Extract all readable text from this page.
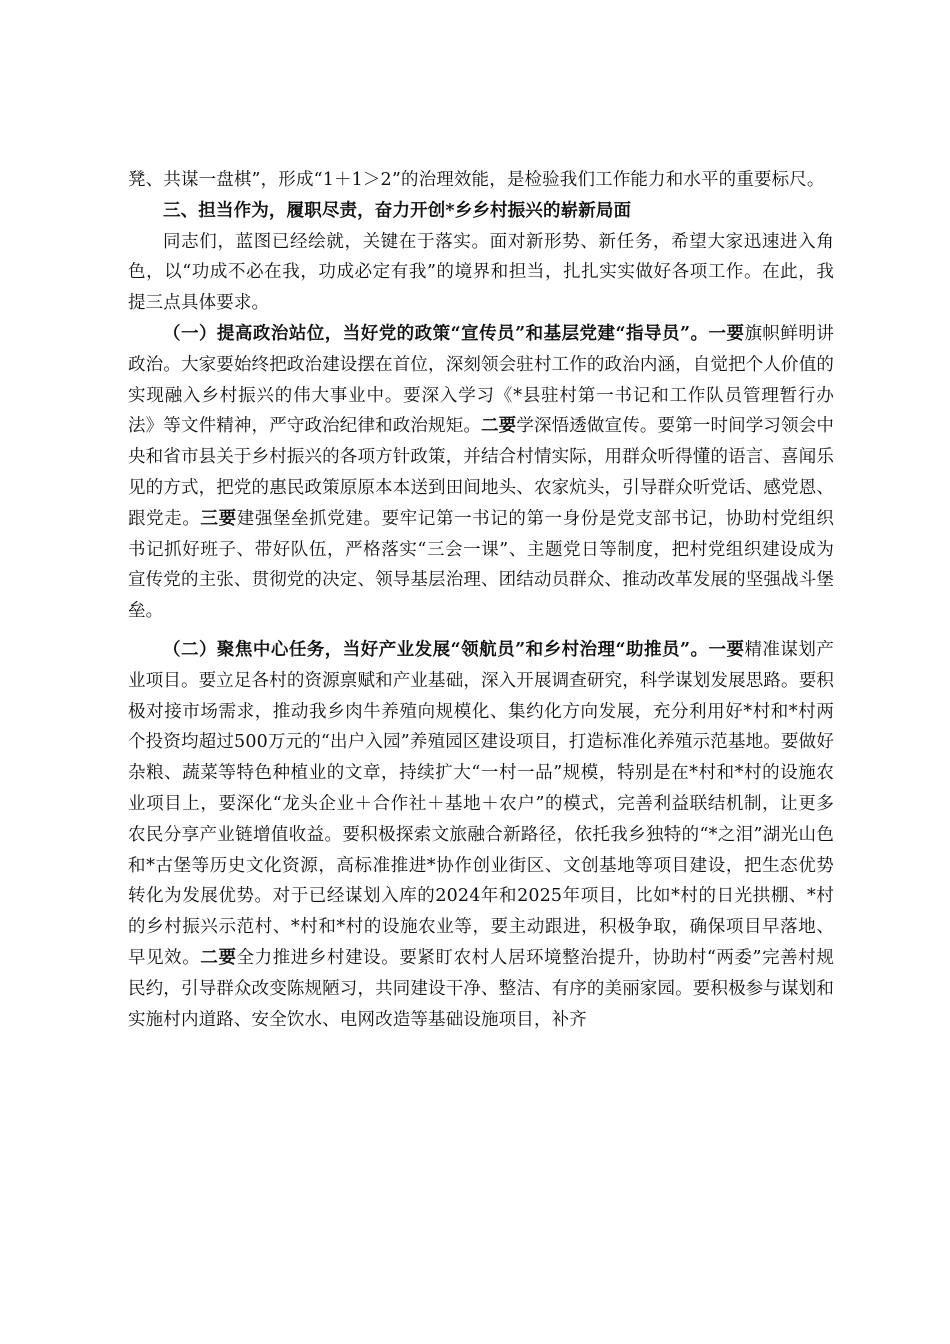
凳、共谋一盘棋”，形成“1＋1＞2”的治理效能，是检验我们工作能力和水平的重要标尺。

三、担当作为，履职尽责，奋力开创*乡乡村振兴的崭新局面

同志们，蓝图已经绘就，关键在于落实。面对新形势、新任务，希望大家迅速进入角色，以“功成不必在我，功成必定有我”的境界和担当，扎扎实实做好各项工作。在此，我提三点具体要求。

（一）提高政治站位，当好党的政策“宣传员”和基层党建“指导员”。一要旗帜鲜明讲政治。大家要始终把政治建设摆在首位，深刻领会驻村工作的政治内涵，自觉把个人价值的实现融入乡村振兴的伟大事业中。要深入学习《*县驻村第一书记和工作队员管理暂行办法》等文件精神，严守政治纪律和政治规矩。二要学深悟透做宣传。要第一时间学习领会中央和省市县关于乡村振兴的各项方针政策，并结合村情实际，用群众听得懂的语言、喜闻乐见的方式，把党的惠民政策原原本本送到田间地头、农家炕头，引导群众听党话、感党恩、跟党走。三要建强堡垒抓党建。要牢记第一书记的第一身份是党支部书记，协助村党组织书记抓好班子、带好队伍，严格落实“三会一课”、主题党日等制度，把村党组织建设成为宣传党的主张、贯彻党的决定、领导基层治理、团结动员群众、推动改革发展的坚强战斗堡垒。

（二）聚焦中心任务，当好产业发展“领航员”和乡村治理“助推员”。一要精准谋划产业项目。要立足各村的资源禀赋和产业基础，深入开展调查研究，科学谋划发展思路。要积极对接市场需求，推动我乡肉牛养殖向规模化、集约化方向发展，充分利用好*村和*村两个投资均超过500万元的“出户入园”养殖园区建设项目，打造标准化养殖示范基地。要做好杂粮、蔬菜等特色种植业的文章，持续扩大“一村一品”规模，特别是在*村和*村的设施农业项目上，要深化“龙头企业＋合作社＋基地＋农户”的模式，完善利益联结机制，让更多农民分享产业链增值收益。要积极探索文旅融合新路径，依托我乡独特的“*之泪”湖光山色和*古堡等历史文化资源，高标准推进*协作创业街区、文创基地等项目建设，把生态优势转化为发展优势。对于已经谋划入库的2024年和2025年项目，比如*村的日光拱棚、*村的乡村振兴示范村、*村和*村的设施农业等，要主动跟进，积极争取，确保项目早落地、早见效。二要全力推进乡村建设。要紧盯农村人居环境整治提升，协助村“两委”完善村规民约，引导群众改变陈规陋习，共同建设干净、整洁、有序的美丽家园。要积极参与谋划和实施村内道路、安全饮水、电网改造等基础设施项目，补齐
